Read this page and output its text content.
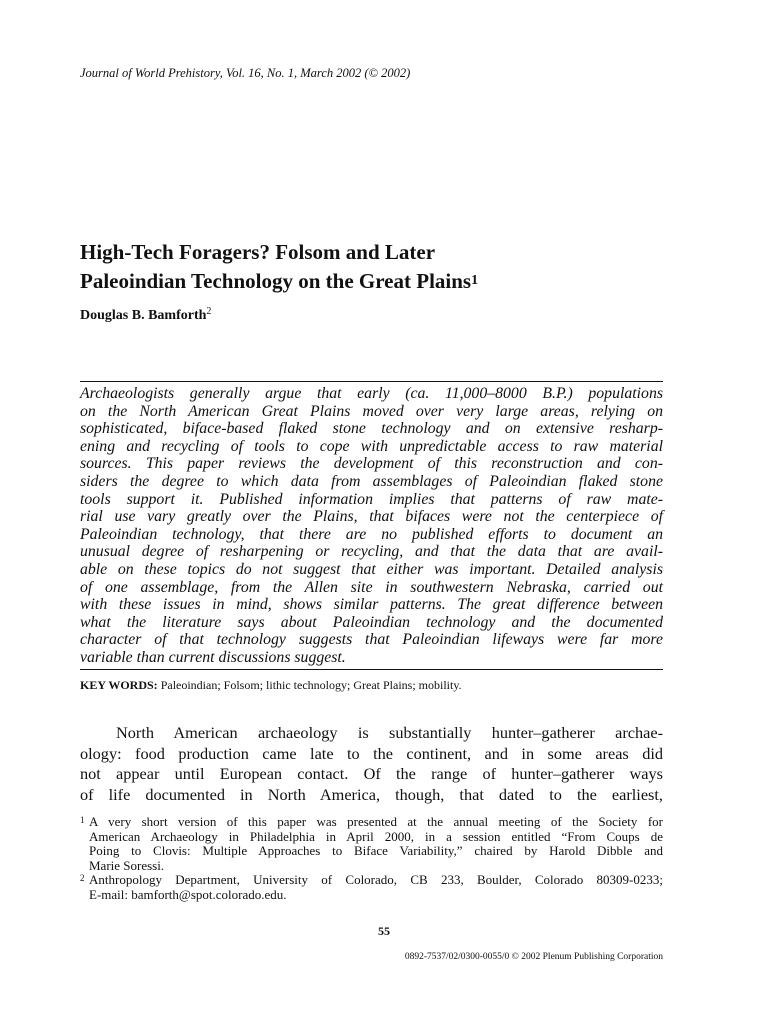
Journal of World Prehistory, Vol. 16, No. 1, March 2002 (© 2002)
High-Tech Foragers? Folsom and Later
Paleoindian Technology on the Great Plains$^1$
Douglas B. Bamforth$^2$
Archaeologists generally argue that early (ca. 11,000–8000 B.P.) populations
on the North American Great Plains moved over very large areas, relying on
sophisticated, biface-based flaked stone technology and on extensive resharp-
ening and recycling of tools to cope with unpredictable access to raw material
sources. This paper reviews the development of this reconstruction and con-
siders the degree to which data from assemblages of Paleoindian flaked stone
tools support it. Published information implies that patterns of raw mate-
rial use vary greatly over the Plains, that bifaces were not the centerpiece of
Paleoindian technology, that there are no published efforts to document an
unusual degree of resharpening or recycling, and that the data that are avail-
able on these topics do not suggest that either was important. Detailed analysis
of one assemblage, from the Allen site in southwestern Nebraska, carried out
with these issues in mind, shows similar patterns. The great difference between
what the literature says about Paleoindian technology and the documented
character of that technology suggests that Paleoindian lifeways were far more
variable than current discussions suggest.
KEY WORDS: Paleoindian; Folsom; lithic technology; Great Plains; mobility.
North American archaeology is substantially hunter–gatherer archae-
ology: food production came late to the continent, and in some areas did
not appear until European contact. Of the range of hunter–gatherer ways
of life documented in North America, though, that dated to the earliest,
1 A very short version of this paper was presented at the annual meeting of the Society for
American Archaeology in Philadelphia in April 2000, in a session entitled “From Coups de
Poing to Clovis: Multiple Approaches to Biface Variability,” chaired by Harold Dibble and
Marie Soressi.
2 Anthropology Department, University of Colorado, CB 233, Boulder, Colorado 80309-0233;
E-mail: bamforth@spot.colorado.edu.
55
0892-7537/02/0300-0055/0 © 2002 Plenum Publishing Corporation
